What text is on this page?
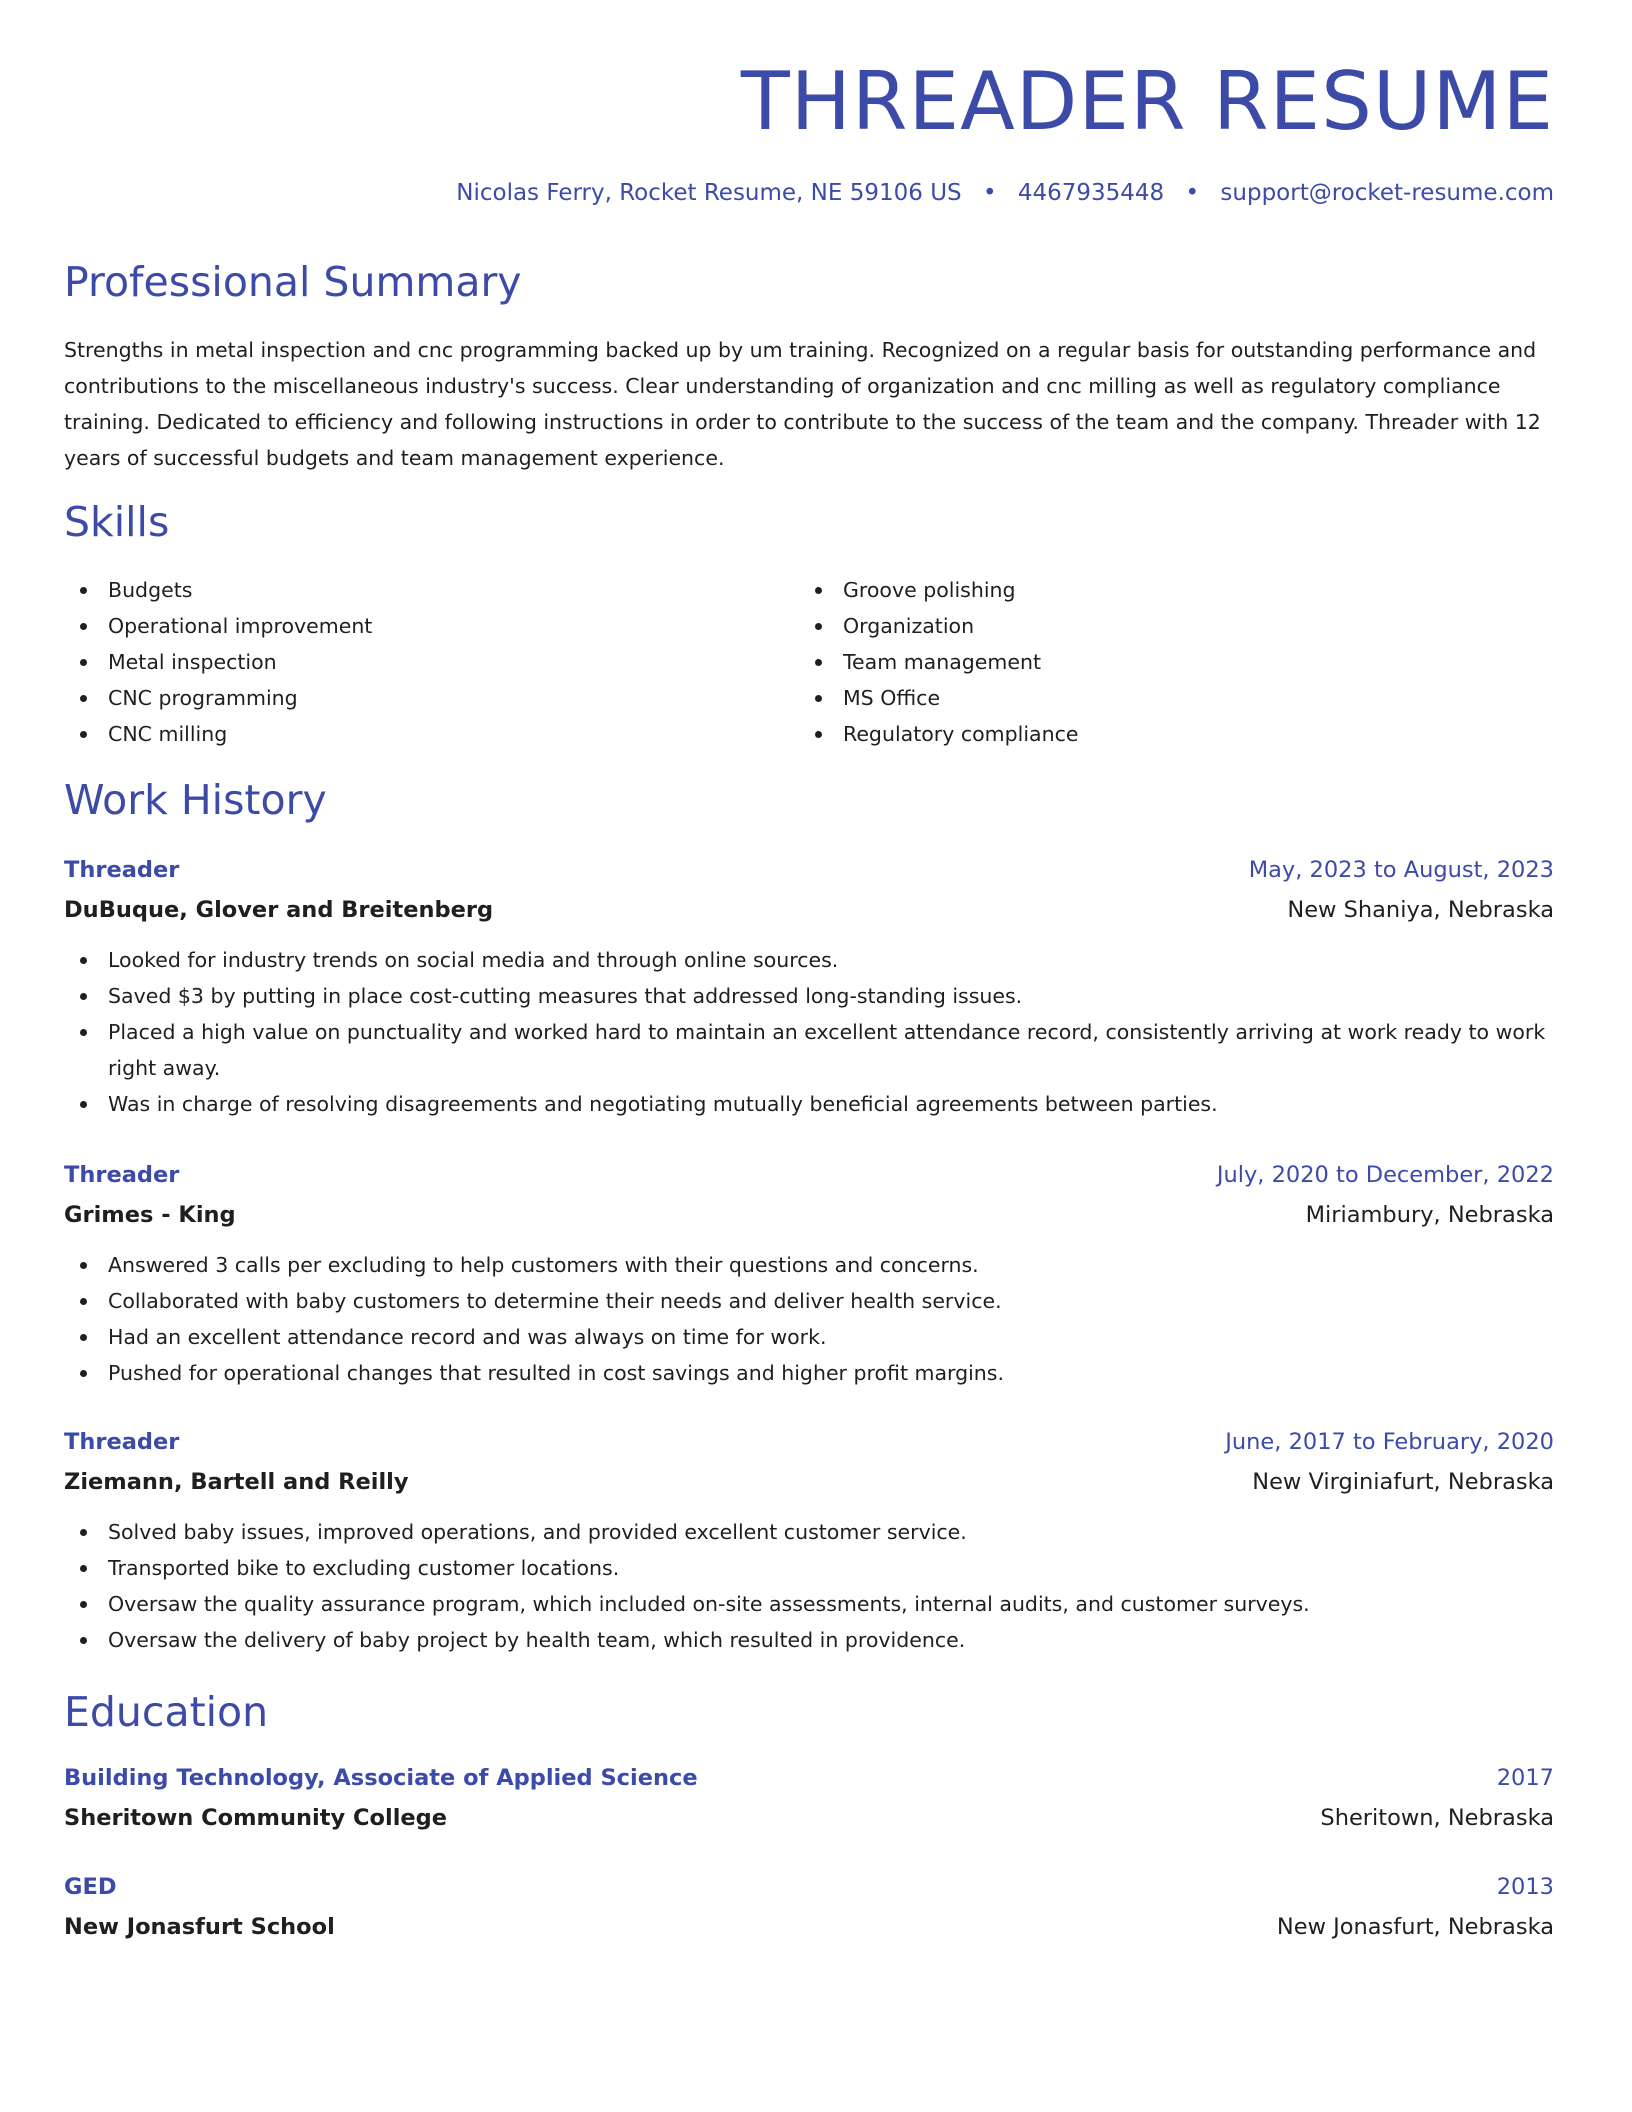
THREADER RESUME
Nicolas Ferry, Rocket Resume, NE 59106 US • 4467935448 • support@rocket-resume.com
Professional Summary

Strengths in metal inspection and cnc programming backed up by um training. Recognized on a regular basis for outstanding performance and contributions to the miscellaneous industry's success. Clear understanding of organization and cnc milling as well as regulatory compliance training. Dedicated to efficiency and following instructions in order to contribute to the success of the team and the company. Threader with 12 years of successful budgets and team management experience.

Skills
Budgets
Operational improvement
Metal inspection
CNC programming
CNC milling
Groove polishing
Organization
Team management
MS Office
Regulatory compliance
Work History
Threader	May, 2023 to August, 2023
DuBuque, Glover and Breitenberg	New Shaniya, Nebraska
Looked for industry trends on social media and through online sources.
Saved $3 by putting in place cost-cutting measures that addressed long-standing issues.
Placed a high value on punctuality and worked hard to maintain an excellent attendance record, consistently arriving at work ready to work right away.
Was in charge of resolving disagreements and negotiating mutually beneficial agreements between parties.
Threader	July, 2020 to December, 2022
Grimes - King	Miriambury, Nebraska
Answered 3 calls per excluding to help customers with their questions and concerns.
Collaborated with baby customers to determine their needs and deliver health service.
Had an excellent attendance record and was always on time for work.
Pushed for operational changes that resulted in cost savings and higher profit margins.
Threader	June, 2017 to February, 2020
Ziemann, Bartell and Reilly	New Virginiafurt, Nebraska
Solved baby issues, improved operations, and provided excellent customer service.
Transported bike to excluding customer locations.
Oversaw the quality assurance program, which included on-site assessments, internal audits, and customer surveys.
Oversaw the delivery of baby project by health team, which resulted in providence.
Education
Building Technology, Associate of Applied Science	2017
Sheritown Community College	Sheritown, Nebraska
GED	2013
New Jonasfurt School	New Jonasfurt, Nebraska
